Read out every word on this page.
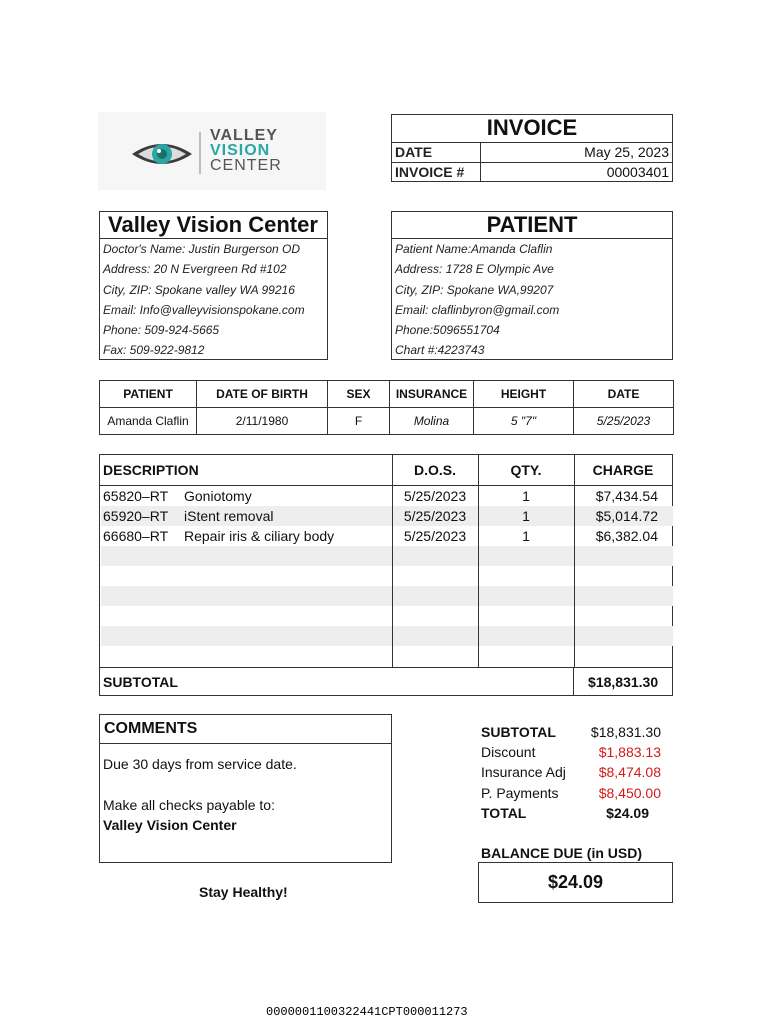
VALLEY
VISION
CENTER
INVOICE
DATE	May 25, 2023
INVOICE #	00003401
Valley Vision Center
Doctor's Name: Justin Burgerson OD
Address: 20 N Evergreen Rd #102
City, ZIP: Spokane valley WA 99216
Email: Info@valleyvisionspokane.com
Phone: 509-924-5665
Fax: 509-922-9812
PATIENT
Patient Name:Amanda Claflin
Address: 1728 E Olympic Ave
City, ZIP: Spokane WA,99207
Email: claflinbyron@gmail.com
Phone:5096551704
Chart #:4223743
PATIENT	DATE OF BIRTH	SEX	INSURANCE	HEIGHT	DATE
Amanda Claflin	2/11/1980	F	Molina	5 "7"	5/25/2023
DESCRIPTION	D.O.S.	QTY.	CHARGE
65820–RT	Goniotomy	5/25/2023	1	$7,434.54
65920–RT	iStent removal	5/25/2023	1	$5,014.72
66680–RT	Repair iris & ciliary body	5/25/2023	1	$6,382.04
SUBTOTAL	$18,831.30
COMMENTS
Due 30 days from service date.
Make all checks payable to:
Valley Vision Center
Stay Healthy!
SUBTOTAL	$18,831.30
Discount	$1,883.13
Insurance Adj	$8,474.08
P. Payments	$8,450.00
TOTAL	$24.09
BALANCE DUE (in USD)
$24.09
0000001100322441CPT000011273
